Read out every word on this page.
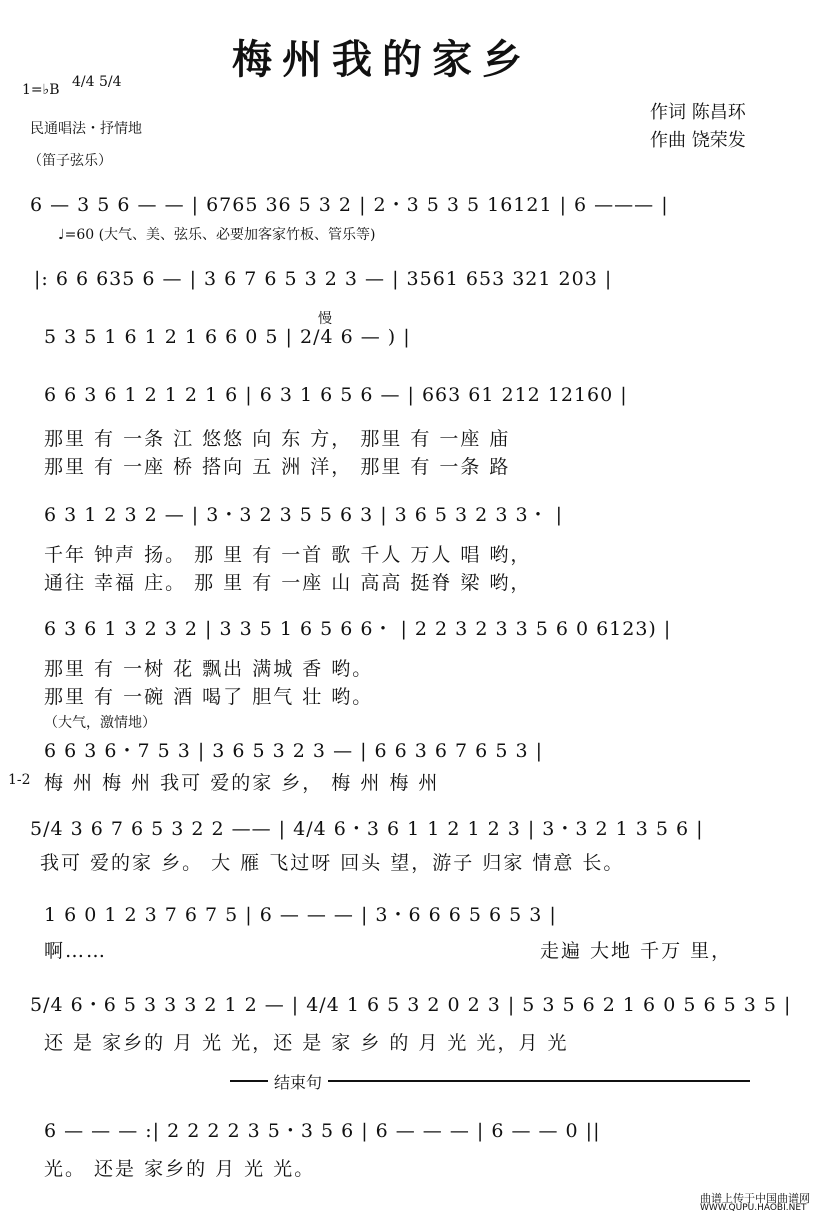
梅州我的家乡
1=♭B 4/4 5/4
民通唱法・抒情地
（笛子弦乐）
作词 陈昌环
作曲 饶荣发
6 — 3 5 6 — — | 6765 36 5 3 2 | 2・3 5 3 5 16121 | 6 ——— |
♩=60 (大气、美、弦乐、必要加客家竹板、管乐等)
|: 6 6 635 6 — | 3 6 7 6 5 3 2 3 — | 3561 653 321 203 |
5 3 5 1 6 1 2 1 6 6 0 5 | 2/4 6 — ) |
慢
6 6 3 6 1 2 1 2 1 6 | 6 3 1 6 5 6 — | 663 61 212 12160 |
那里 有 一条 江 悠悠 向 东 方， 那里 有 一座 庙
那里 有 一座 桥 搭向 五 洲 洋， 那里 有 一条 路
6 3 1 2 3 2 — | 3・3 2 3 5 5 6 3 | 3 6 5 3 2 3 3・ |
千年 钟声 扬。 那 里 有 一首 歌 千人 万人 唱 哟，
通往 幸福 庄。 那 里 有 一座 山 高高 挺脊 梁 哟，
6 3 6 1 3 2 3 2 | 3 3 5 1 6 5 6 6・ | 2 2 3 2 3 3 5 6 0 6123) |
那里 有 一树 花 飘出 满城 香 哟。
那里 有 一碗 酒 喝了 胆气 壮 哟。
（大气，激情地）
6 6 3 6・7 5 3 | 3 6 5 3 2 3 — | 6 6 3 6 7 6 5 3 |
1-2 梅 州 梅 州 我可 爱的家 乡， 梅 州 梅 州
5/4 3 6 7 6 5 3 2 2 —— | 4/4 6・3 6 1 1 2 1 2 3 | 3・3 2 1 3 5 6 |
我可 爱的家 乡。 大 雁 飞过呀 回头 望，游子 归家 情意 长。
1 6 0 1 2 3 7 6 7 5 | 6 — — — | 3・6 6 6 5 6 5 3 |
啊……	走遍 大地 千万 里，
5/4 6・6 5 3 3 3 2 1 2 — | 4/4 1 6 5 3 2 0 2 3 | 5 3 5 6 2 1 6 0 5 6 5 3 5 |
还 是 家乡的 月 光 光，还 是 家 乡 的 月 光 光，月 光
结束句
6 — — — :| 2 2 2 2 3 5・3 5 6 | 6 — — — | 6 — — 0 ||
光。 还是 家乡的 月 光 光。
曲谱上传于中国曲谱网
WWW.QUPU.HAOBI.NET
